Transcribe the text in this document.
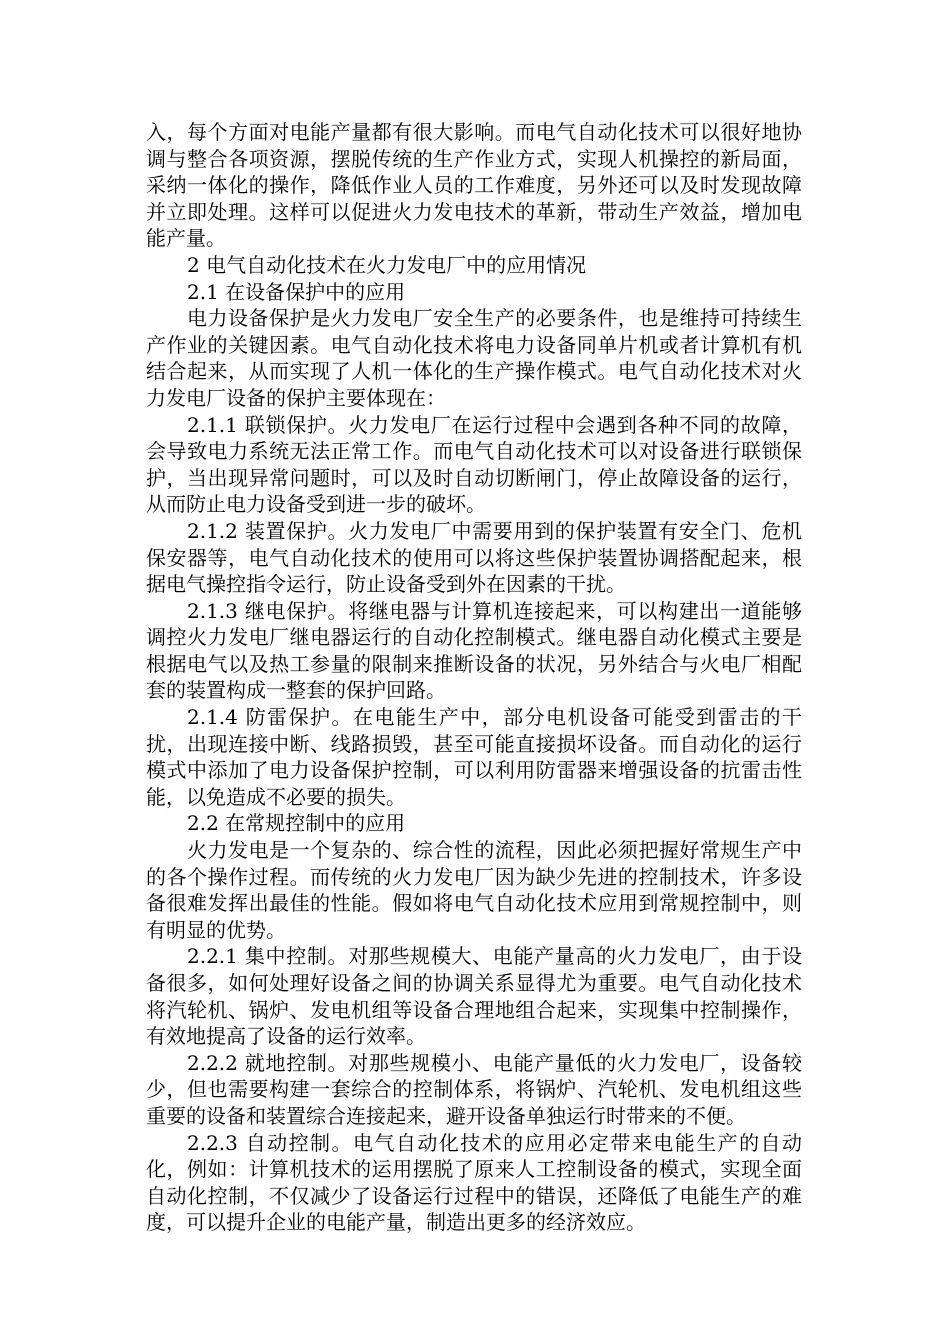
入，每个方面对电能产量都有很大影响。而电气自动化技术可以很好地协调与整合各项资源，摆脱传统的生产作业方式，实现人机操控的新局面，采纳一体化的操作，降低作业人员的工作难度，另外还可以及时发现故障并立即处理。这样可以促进火力发电技术的革新，带动生产效益，增加电能产量。

2 电气自动化技术在火力发电厂中的应用情况

2.1 在设备保护中的应用

电力设备保护是火力发电厂安全生产的必要条件，也是维持可持续生产作业的关键因素。电气自动化技术将电力设备同单片机或者计算机有机结合起来，从而实现了人机一体化的生产操作模式。电气自动化技术对火力发电厂设备的保护主要体现在：

2.1.1 联锁保护。火力发电厂在运行过程中会遇到各种不同的故障，会导致电力系统无法正常工作。而电气自动化技术可以对设备进行联锁保护，当出现异常问题时，可以及时自动切断闸门，停止故障设备的运行，从而防止电力设备受到进一步的破坏。

2.1.2 装置保护。火力发电厂中需要用到的保护装置有安全门、危机保安器等，电气自动化技术的使用可以将这些保护装置协调搭配起来，根据电气操控指令运行，防止设备受到外在因素的干扰。

2.1.3 继电保护。将继电器与计算机连接起来，可以构建出一道能够调控火力发电厂继电器运行的自动化控制模式。继电器自动化模式主要是根据电气以及热工参量的限制来推断设备的状况，另外结合与火电厂相配套的装置构成一整套的保护回路。

2.1.4 防雷保护。在电能生产中，部分电机设备可能受到雷击的干扰，出现连接中断、线路损毁，甚至可能直接损坏设备。而自动化的运行模式中添加了电力设备保护控制，可以利用防雷器来增强设备的抗雷击性能，以免造成不必要的损失。

2.2 在常规控制中的应用

火力发电是一个复杂的、综合性的流程，因此必须把握好常规生产中的各个操作过程。而传统的火力发电厂因为缺少先进的控制技术，许多设备很难发挥出最佳的性能。假如将电气自动化技术应用到常规控制中，则有明显的优势。

2.2.1 集中控制。对那些规模大、电能产量高的火力发电厂，由于设备很多，如何处理好设备之间的协调关系显得尤为重要。电气自动化技术将汽轮机、锅炉、发电机组等设备合理地组合起来，实现集中控制操作，有效地提高了设备的运行效率。

2.2.2 就地控制。对那些规模小、电能产量低的火力发电厂，设备较少，但也需要构建一套综合的控制体系，将锅炉、汽轮机、发电机组这些重要的设备和装置综合连接起来，避开设备单独运行时带来的不便。

2.2.3 自动控制。电气自动化技术的应用必定带来电能生产的自动化，例如：计算机技术的运用摆脱了原来人工控制设备的模式，实现全面自动化控制，不仅减少了设备运行过程中的错误，还降低了电能生产的难度，可以提升企业的电能产量，制造出更多的经济效应。
